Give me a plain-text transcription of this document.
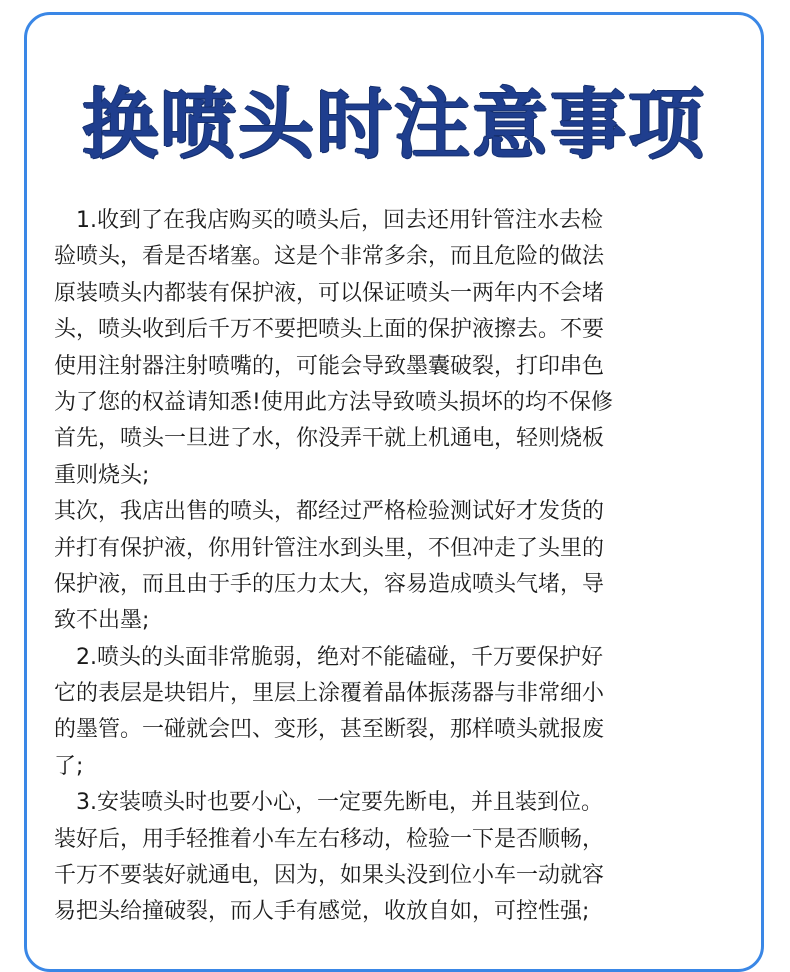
换喷头时注意事项
1.收到了在我店购买的喷头后，回去还用针管注水去检
验喷头，看是否堵塞。这是个非常多余，而且危险的做法
原装喷头内都装有保护液，可以保证喷头一两年内不会堵
头，喷头收到后千万不要把喷头上面的保护液擦去。不要
使用注射器注射喷嘴的，可能会导致墨囊破裂，打印串色
为了您的权益请知悉!使用此方法导致喷头损坏的均不保修
首先，喷头一旦进了水，你没弄干就上机通电，轻则烧板
重则烧头;
其次，我店出售的喷头，都经过严格检验测试好才发货的
并打有保护液，你用针管注水到头里，不但冲走了头里的
保护液，而且由于手的压力太大，容易造成喷头气堵，导
致不出墨;
2.喷头的头面非常脆弱，绝对不能磕碰，千万要保护好
它的表层是块铝片，里层上涂覆着晶体振荡器与非常细小
的墨管。一碰就会凹、变形，甚至断裂，那样喷头就报废
了;
3.安装喷头时也要小心，一定要先断电，并且装到位。
装好后，用手轻推着小车左右移动，检验一下是否顺畅，
千万不要装好就通电，因为，如果头没到位小车一动就容
易把头给撞破裂，而人手有感觉，收放自如，可控性强;
